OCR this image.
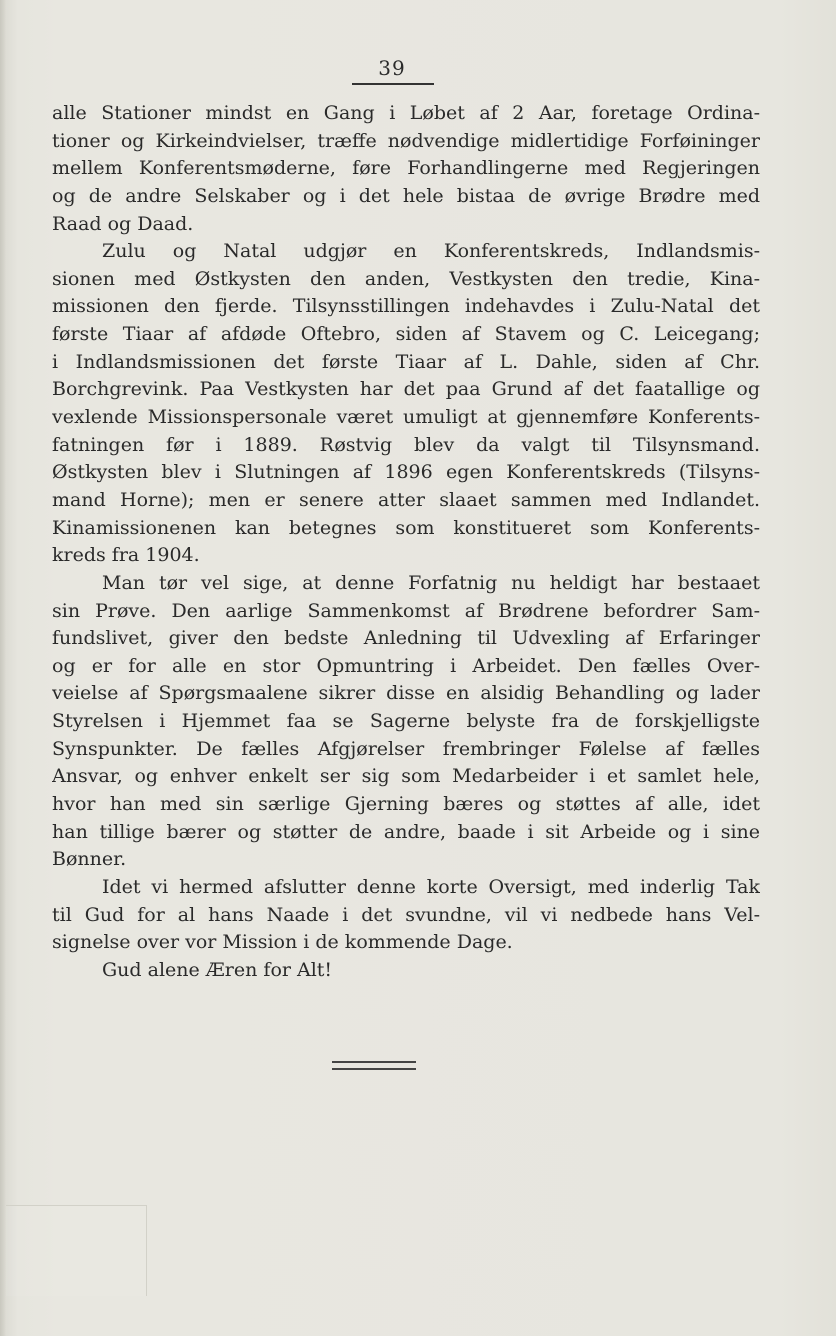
39
alle Stationer mindst en Gang i Løbet af 2 Aar, foretage Ordina-
tioner og Kirkeindvielser, træffe nødvendige midlertidige Forføininger
mellem Konferentsmøderne, føre Forhandlingerne med Regjeringen
og de andre Selskaber og i det hele bistaa de øvrige Brødre med
Raad og Daad.
Zulu og Natal udgjør en Konferentskreds, Indlandsmis-
sionen med Østkysten den anden, Vestkysten den tredie, Kina-
missionen den fjerde. Tilsynsstillingen indehavdes i Zulu-Natal det
første Tiaar af afdøde Oftebro, siden af Stavem og C. Leicegang;
i Indlandsmissionen det første Tiaar af L. Dahle, siden af Chr.
Borchgrevink. Paa Vestkysten har det paa Grund af det faatallige og
vexlende Missionspersonale været umuligt at gjennemføre Konferents-
fatningen før i 1889. Røstvig blev da valgt til Tilsynsmand.
Østkysten blev i Slutningen af 1896 egen Konferentskreds (Tilsyns-
mand Horne); men er senere atter slaaet sammen med Indlandet.
Kinamissionenen kan betegnes som konstitueret som Konferents-
kreds fra 1904.
Man tør vel sige, at denne Forfatnig nu heldigt har bestaaet
sin Prøve. Den aarlige Sammenkomst af Brødrene befordrer Sam-
fundslivet, giver den bedste Anledning til Udvexling af Erfaringer
og er for alle en stor Opmuntring i Arbeidet. Den fælles Over-
veielse af Spørgsmaalene sikrer disse en alsidig Behandling og lader
Styrelsen i Hjemmet faa se Sagerne belyste fra de forskjelligste
Synspunkter. De fælles Afgjørelser frembringer Følelse af fælles
Ansvar, og enhver enkelt ser sig som Medarbeider i et samlet hele,
hvor han med sin særlige Gjerning bæres og støttes af alle, idet
han tillige bærer og støtter de andre, baade i sit Arbeide og i sine
Bønner.
Idet vi hermed afslutter denne korte Oversigt, med inderlig Tak
til Gud for al hans Naade i det svundne, vil vi nedbede hans Vel-
signelse over vor Mission i de kommende Dage.
Gud alene Æren for Alt!
